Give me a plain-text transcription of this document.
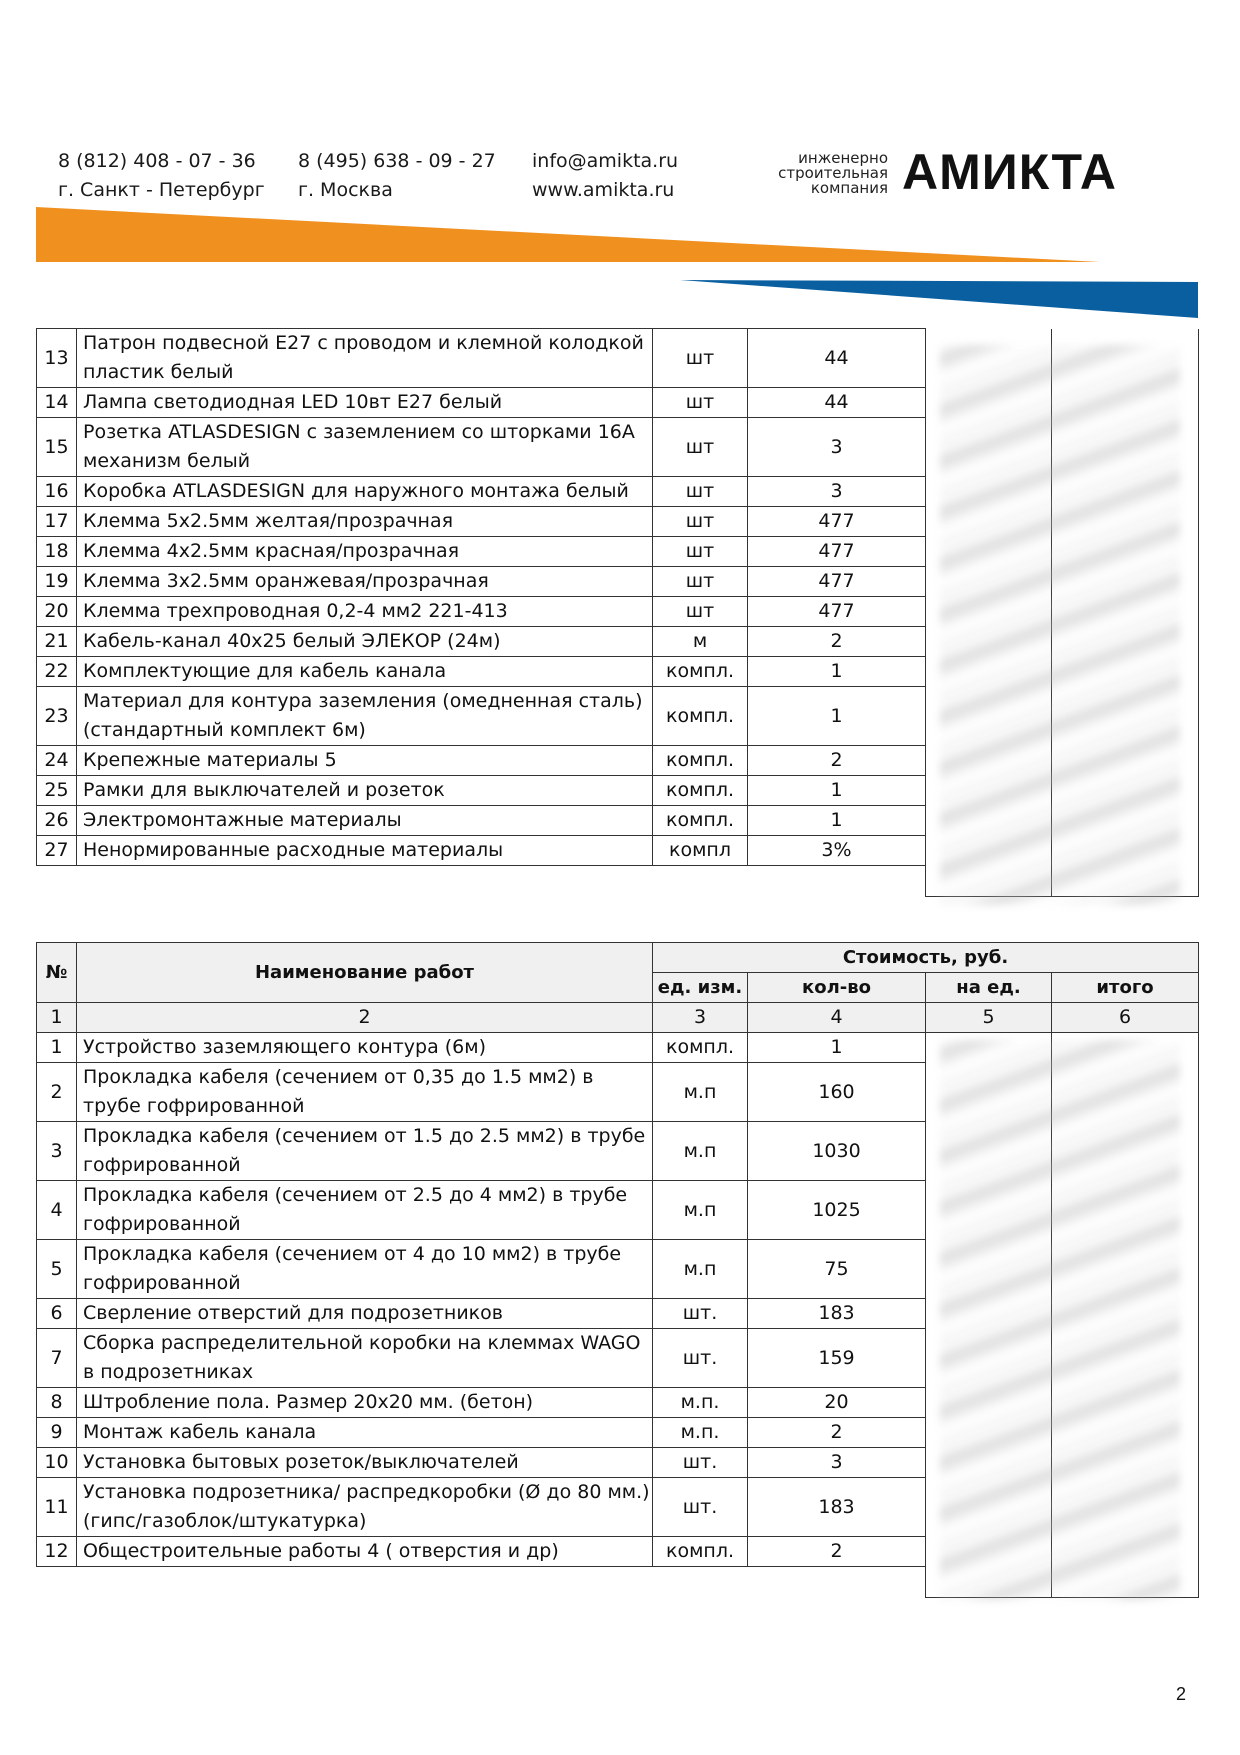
8 (812) 408 - 07 - 36
г. Санкт - Петербург
8 (495) 638 - 09 - 27
г. Москва
info@amikta.ru
www.amikta.ru
инженерно
строительная
компания АМИКТА
13	Патрон подвесной Е27 с проводом и клемной колодкой пластик белый	шт	44		
14	Лампа светодиодная LED 10вт Е27 белый	шт	44		
15	Розетка ATLASDESIGN с заземлением со шторками 16А механизм белый	шт	3		
16	Коробка ATLASDESIGN для наружного монтажа белый	шт	3		
17	Клемма 5х2.5мм желтая/прозрачная	шт	477		
18	Клемма 4х2.5мм красная/прозрачная	шт	477		
19	Клемма 3х2.5мм оранжевая/прозрачная	шт	477		
20	Клемма трехпроводная 0,2-4 мм2 221-413	шт	477		
21	Кабель-канал 40х25 белый ЭЛЕКОР (24м)	м	2		
22	Комплектующие для кабель канала	компл.	1		
23	Материал для контура заземления (омедненная сталь) (стандартный комплект 6м)	компл.	1		
24	Крепежные материалы 5	компл.	2		
25	Рамки для выключателей и розеток	компл.	1		
26	Электромонтажные материалы	компл.	1		
27	Ненормированные расходные материалы	компл	3%		

№	Наименование работ	Стоимость, руб.			
		ед. изм.	кол-во	на ед.	итого
1	2	3	4	5	6
1	Устройство заземляющего контура (6м)	компл.	1		
2	Прокладка кабеля (сечением от 0,35 до 1.5 мм2) в трубе гофрированной	м.п	160		
3	Прокладка кабеля (сечением от 1.5 до 2.5 мм2) в трубе гофрированной	м.п	1030		
4	Прокладка кабеля (сечением от 2.5 до 4 мм2) в трубе гофрированной	м.п	1025		
5	Прокладка кабеля (сечением от 4 до 10 мм2) в трубе гофрированной	м.п	75		
6	Сверление отверстий для подрозетников	шт.	183		
7	Сборка распределительной коробки на клеммах WAGO в подрозетниках	шт.	159		
8	Штробление пола. Размер 20х20 мм. (бетон)	м.п.	20		
9	Монтаж кабель канала	м.п.	2		
10	Установка бытовых розеток/выключателей	шт.	3		
11	Установка подрозетника/ распредкоробки (Ø до 80 мм.) (гипс/газоблок/штукатурка)	шт.	183		
12	Общестроительные работы 4 ( отверстия и др)	компл.	2		

2
